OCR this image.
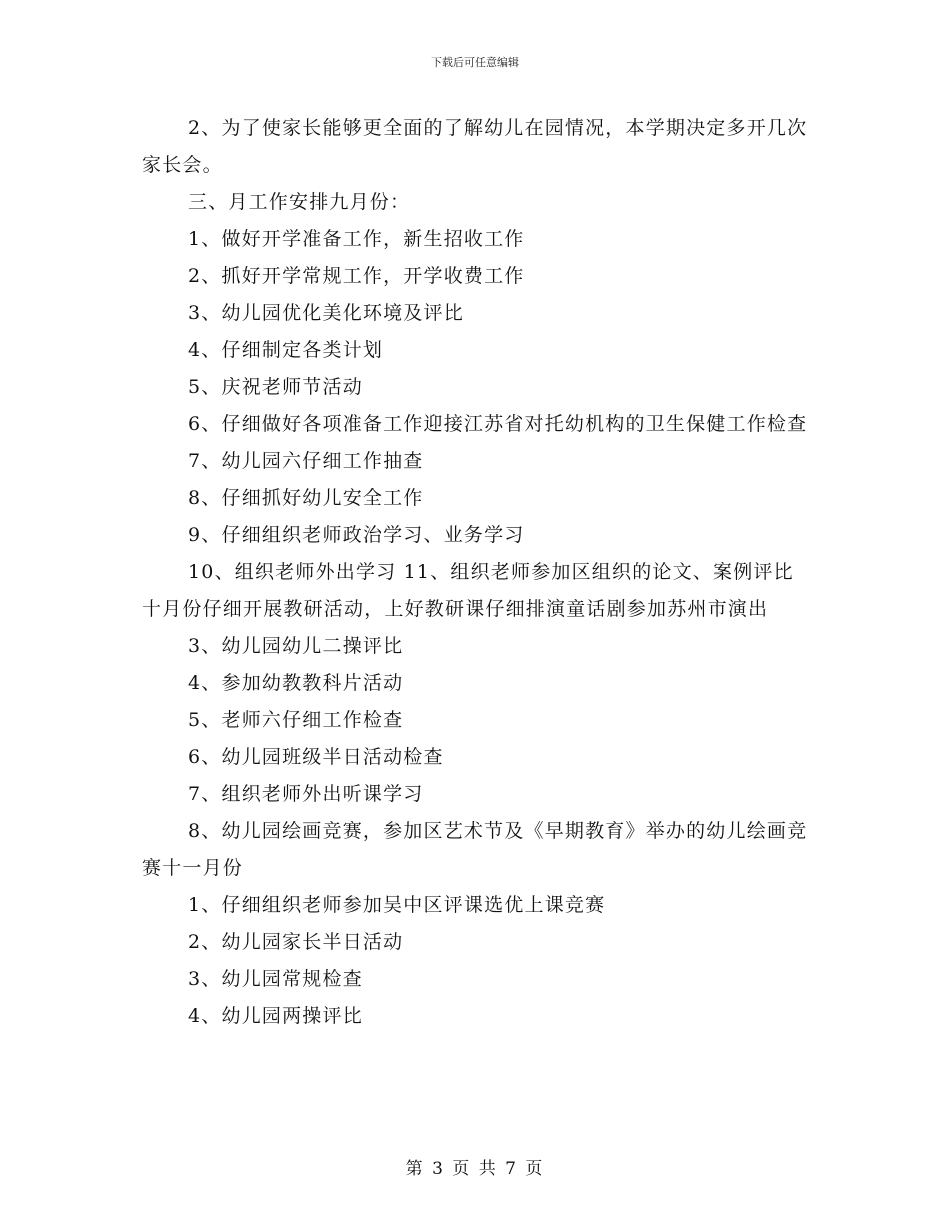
下载后可任意编辑

2、为了使家长能够更全面的了解幼儿在园情况，本学期决定多开几次家长会。

三、月工作安排九月份：

1、做好开学准备工作，新生招收工作

2、抓好开学常规工作，开学收费工作

3、幼儿园优化美化环境及评比

4、仔细制定各类计划

5、庆祝老师节活动

6、仔细做好各项准备工作迎接江苏省对托幼机构的卫生保健工作检查

7、幼儿园六仔细工作抽查

8、仔细抓好幼儿安全工作

9、仔细组织老师政治学习、业务学习

10、组织老师外出学习 11、组织老师参加区组织的论文、案例评比十月份仔细开展教研活动，上好教研课仔细排演童话剧参加苏州市演出

3、幼儿园幼儿二操评比

4、参加幼教教科片活动

5、老师六仔细工作检查

6、幼儿园班级半日活动检查

7、组织老师外出听课学习

8、幼儿园绘画竞赛，参加区艺术节及《早期教育》举办的幼儿绘画竞赛十一月份

1、仔细组织老师参加吴中区评课选优上课竞赛

2、幼儿园家长半日活动

3、幼儿园常规检查

4、幼儿园两操评比

第 3 页 共 7 页
